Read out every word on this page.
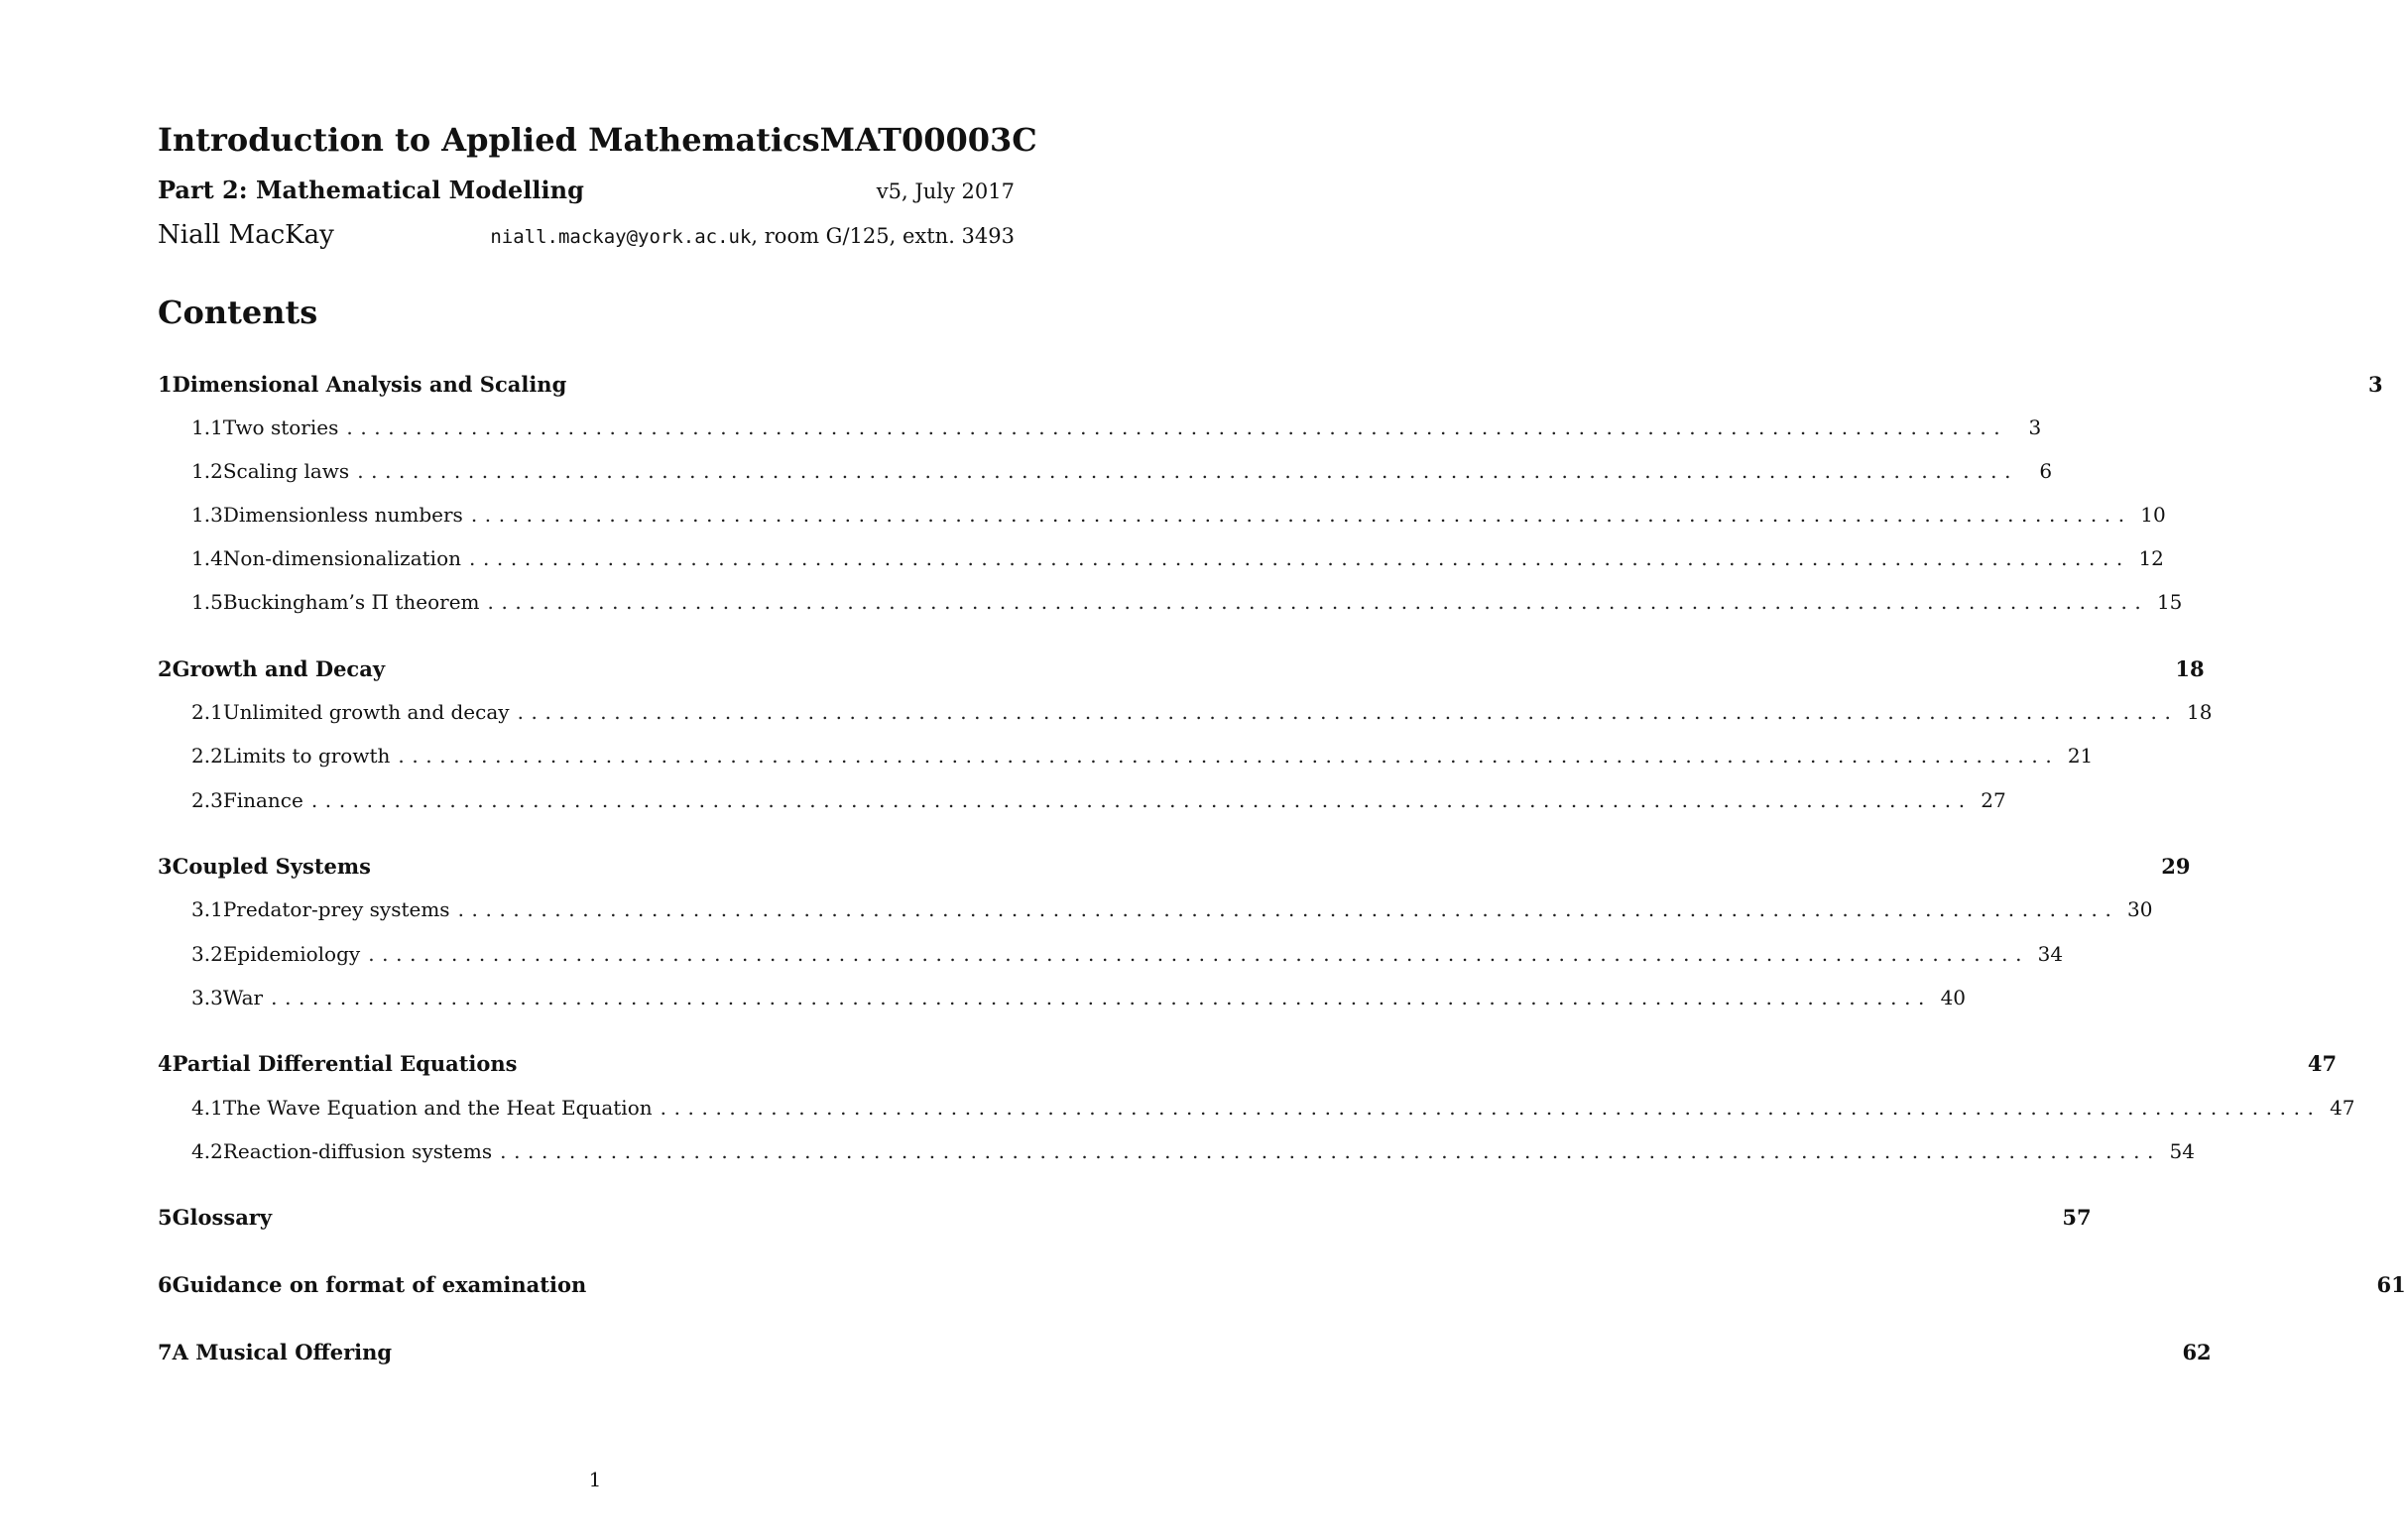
Introduction to Applied Mathematics MAT00003C
Part 2: Mathematical Modelling	v5, July 2017
Niall MacKay	niall.mackay@york.ac.uk, room G/125, extn. 3493
Contents
1 Dimensional Analysis and Scaling	3
1.1 Two stories ........................................................................................................................	3
1.2 Scaling laws ........................................................................................................................	6
1.3 Dimensionless numbers ........................................................................................................................ 10
1.4 Non-dimensionalization ........................................................................................................................ 12
1.5 Buckingham’s Π theorem ........................................................................................................................ 15
2 Growth and Decay	18
2.1 Unlimited growth and decay ........................................................................................................................ 18
2.2 Limits to growth ........................................................................................................................ 21
2.3 Finance ........................................................................................................................ 27
3 Coupled Systems	29
3.1 Predator-prey systems ........................................................................................................................ 30
3.2 Epidemiology ........................................................................................................................ 34
3.3 War ........................................................................................................................ 40
4 Partial Differential Equations	47
4.1 The Wave Equation and the Heat Equation ........................................................................................................................ 47
4.2 Reaction-diffusion systems ........................................................................................................................ 54
5 Glossary	57
6 Guidance on format of examination	61
7 A Musical Offering	62
1
